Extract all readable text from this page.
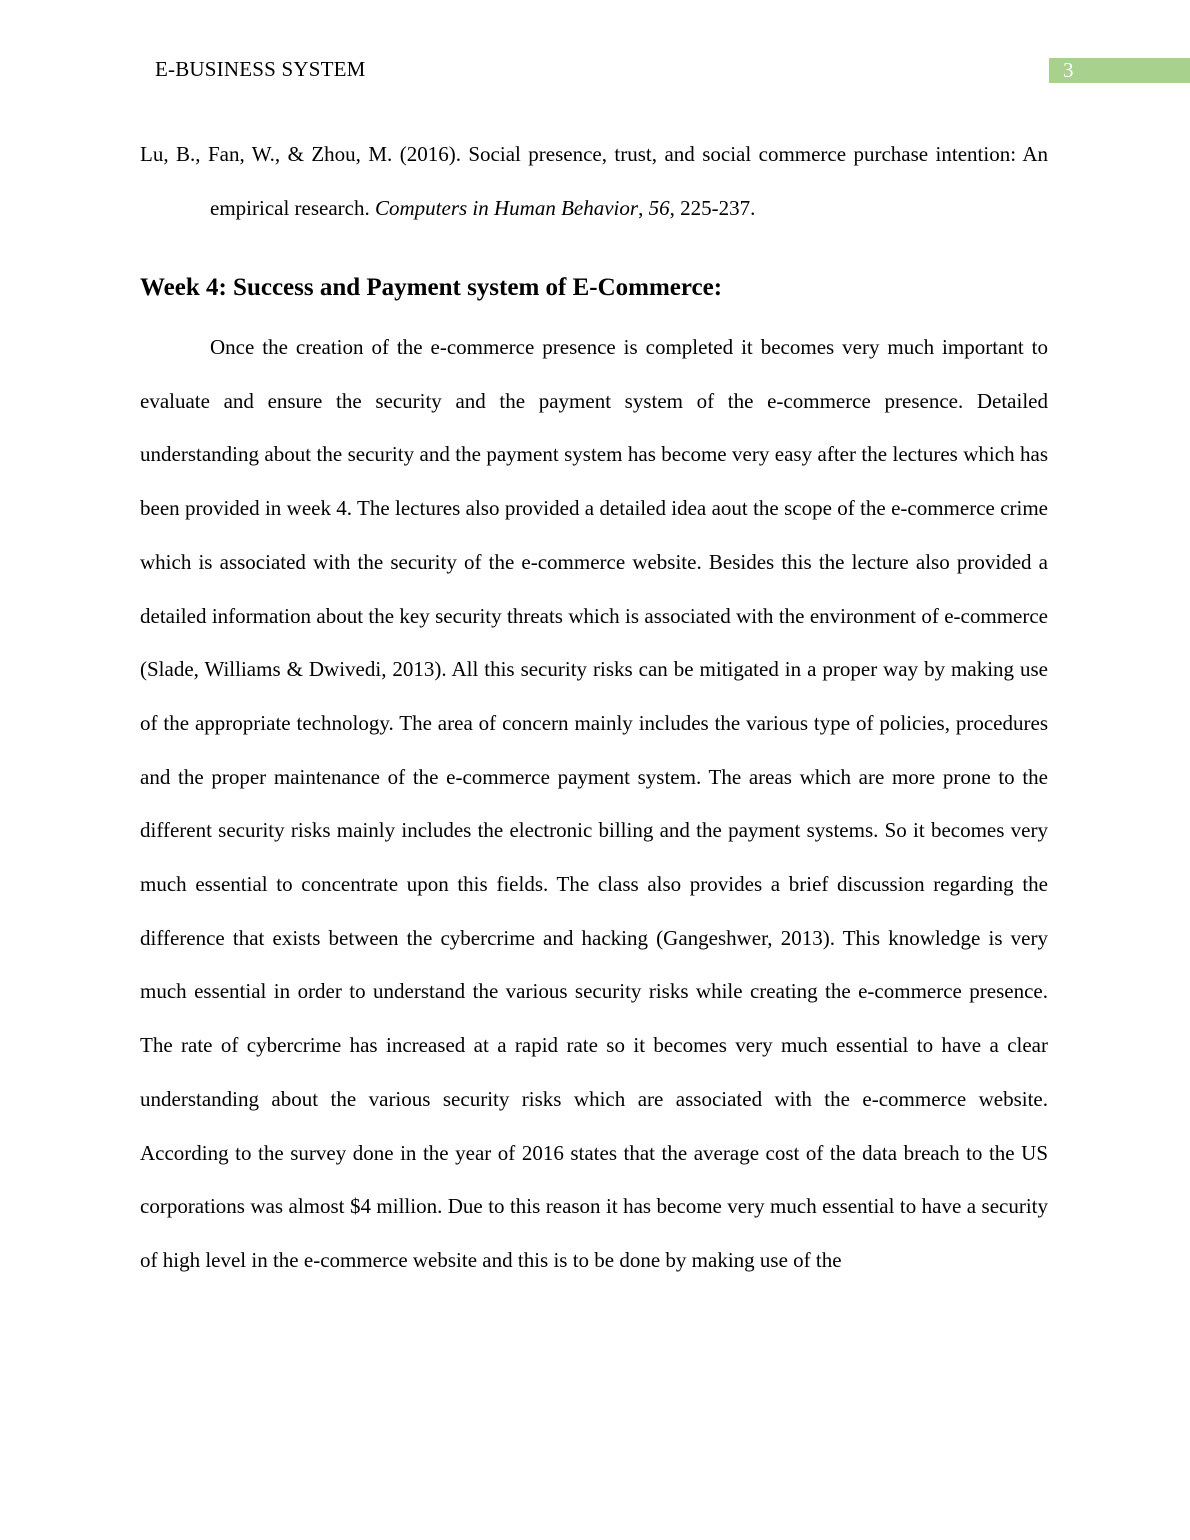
E-BUSINESS SYSTEM	3

Lu, B., Fan, W., & Zhou, M. (2016). Social presence, trust, and social commerce purchase intention: An empirical research. Computers in Human Behavior, 56, 225-237.

Week 4: Success and Payment system of E-Commerce:

Once the creation of the e-commerce presence is completed it becomes very much important to evaluate and ensure the security and the payment system of the e-commerce presence. Detailed understanding about the security and the payment system has become very easy after the lectures which has been provided in week 4. The lectures also provided a detailed idea aout the scope of the e-commerce crime which is associated with the security of the e-commerce website. Besides this the lecture also provided a detailed information about the key security threats which is associated with the environment of e-commerce (Slade, Williams & Dwivedi, 2013). All this security risks can be mitigated in a proper way by making use of the appropriate technology. The area of concern mainly includes the various type of policies, procedures and the proper maintenance of the e-commerce payment system. The areas which are more prone to the different security risks mainly includes the electronic billing and the payment systems. So it becomes very much essential to concentrate upon this fields. The class also provides a brief discussion regarding the difference that exists between the cybercrime and hacking (Gangeshwer, 2013). This knowledge is very much essential in order to understand the various security risks while creating the e-commerce presence. The rate of cybercrime has increased at a rapid rate so it becomes very much essential to have a clear understanding about the various security risks which are associated with the e-commerce website. According to the survey done in the year of 2016 states that the average cost of the data breach to the US corporations was almost $4 million. Due to this reason it has become very much essential to have a security of high level in the e-commerce website and this is to be done by making use of the
